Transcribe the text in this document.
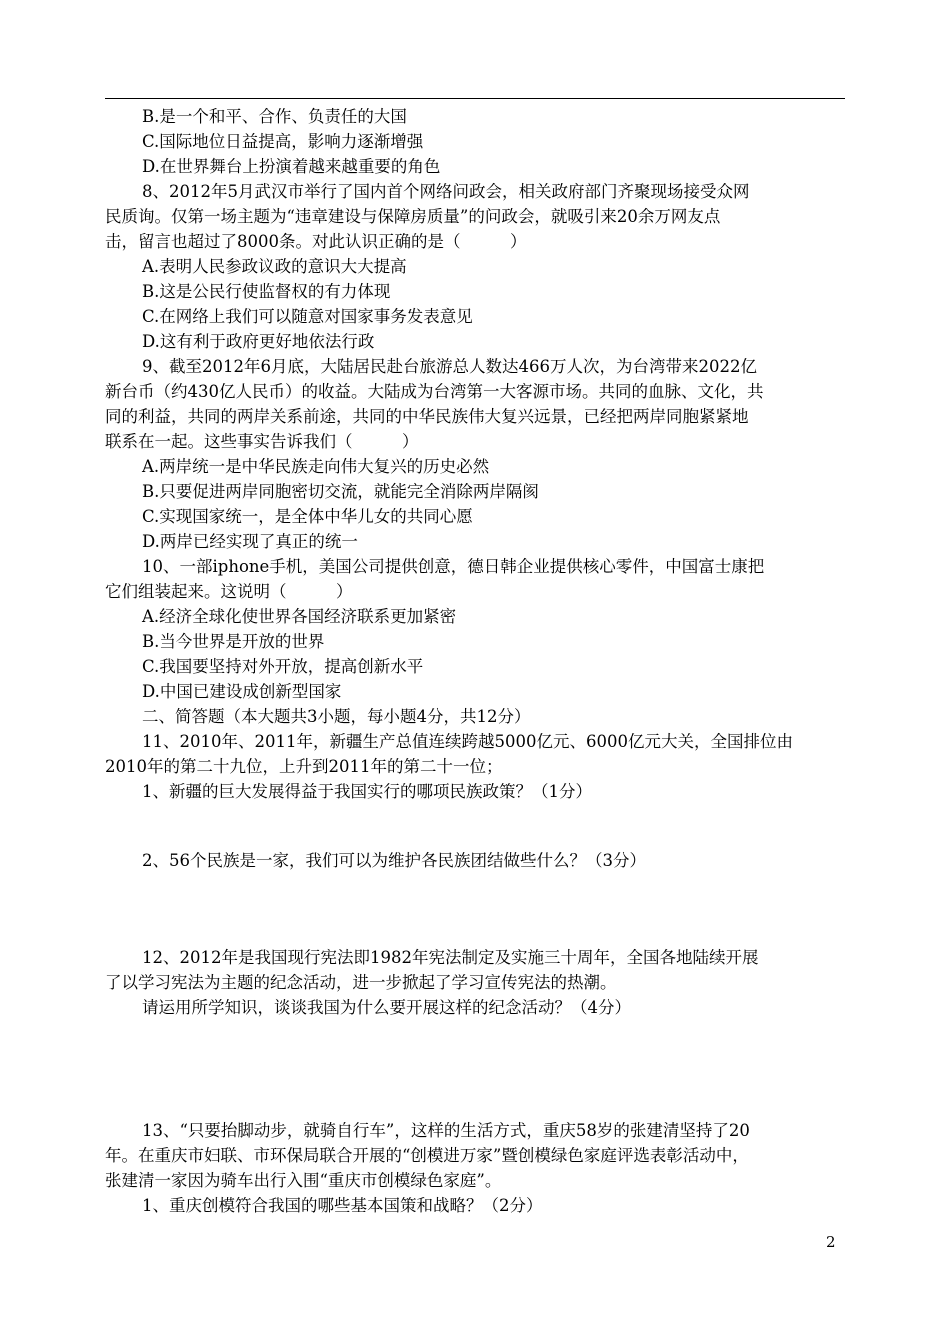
B.是一个和平、合作、负责任的大国
C.国际地位日益提高，影响力逐渐增强
D.在世界舞台上扮演着越来越重要的角色
8、2012年5月武汉市举行了国内首个网络问政会，相关政府部门齐聚现场接受众网
民质询。仅第一场主题为“违章建设与保障房质量”的问政会，就吸引来20余万网友点
击，留言也超过了8000条。对此认识正确的是（　　　）
A.表明人民参政议政的意识大大提高
B.这是公民行使监督权的有力体现
C.在网络上我们可以随意对国家事务发表意见
D.这有利于政府更好地依法行政
9、截至2012年6月底，大陆居民赴台旅游总人数达466万人次，为台湾带来2022亿
新台币（约430亿人民币）的收益。大陆成为台湾第一大客源市场。共同的血脉、文化，共
同的利益，共同的两岸关系前途，共同的中华民族伟大复兴远景，已经把两岸同胞紧紧地
联系在一起。这些事实告诉我们（　　　）
A.两岸统一是中华民族走向伟大复兴的历史必然
B.只要促进两岸同胞密切交流，就能完全消除两岸隔阂
C.实现国家统一，是全体中华儿女的共同心愿
D.两岸已经实现了真正的统一
10、一部iphone手机，美国公司提供创意，德日韩企业提供核心零件，中国富士康把
它们组装起来。这说明（　　　）
A.经济全球化使世界各国经济联系更加紧密
B.当今世界是开放的世界
C.我国要坚持对外开放，提高创新水平
D.中国已建设成创新型国家
二、简答题（本大题共3小题，每小题4分，共12分）
11、2010年、2011年，新疆生产总值连续跨越5000亿元、6000亿元大关，全国排位由
2010年的第二十九位，上升到2011年的第二十一位；
1、新疆的巨大发展得益于我国实行的哪项民族政策？（1分）
2、56个民族是一家，我们可以为维护各民族团结做些什么？（3分）
12、2012年是我国现行宪法即1982年宪法制定及实施三十周年，全国各地陆续开展
了以学习宪法为主题的纪念活动，进一步掀起了学习宣传宪法的热潮。
请运用所学知识，谈谈我国为什么要开展这样的纪念活动？（4分）
13、“只要抬脚动步，就骑自行车”，这样的生活方式，重庆58岁的张建清坚持了20
年。在重庆市妇联、市环保局联合开展的“创模进万家”暨创模绿色家庭评选表彰活动中，
张建清一家因为骑车出行入围“重庆市创模绿色家庭”。
1、重庆创模符合我国的哪些基本国策和战略？（2分）
2
